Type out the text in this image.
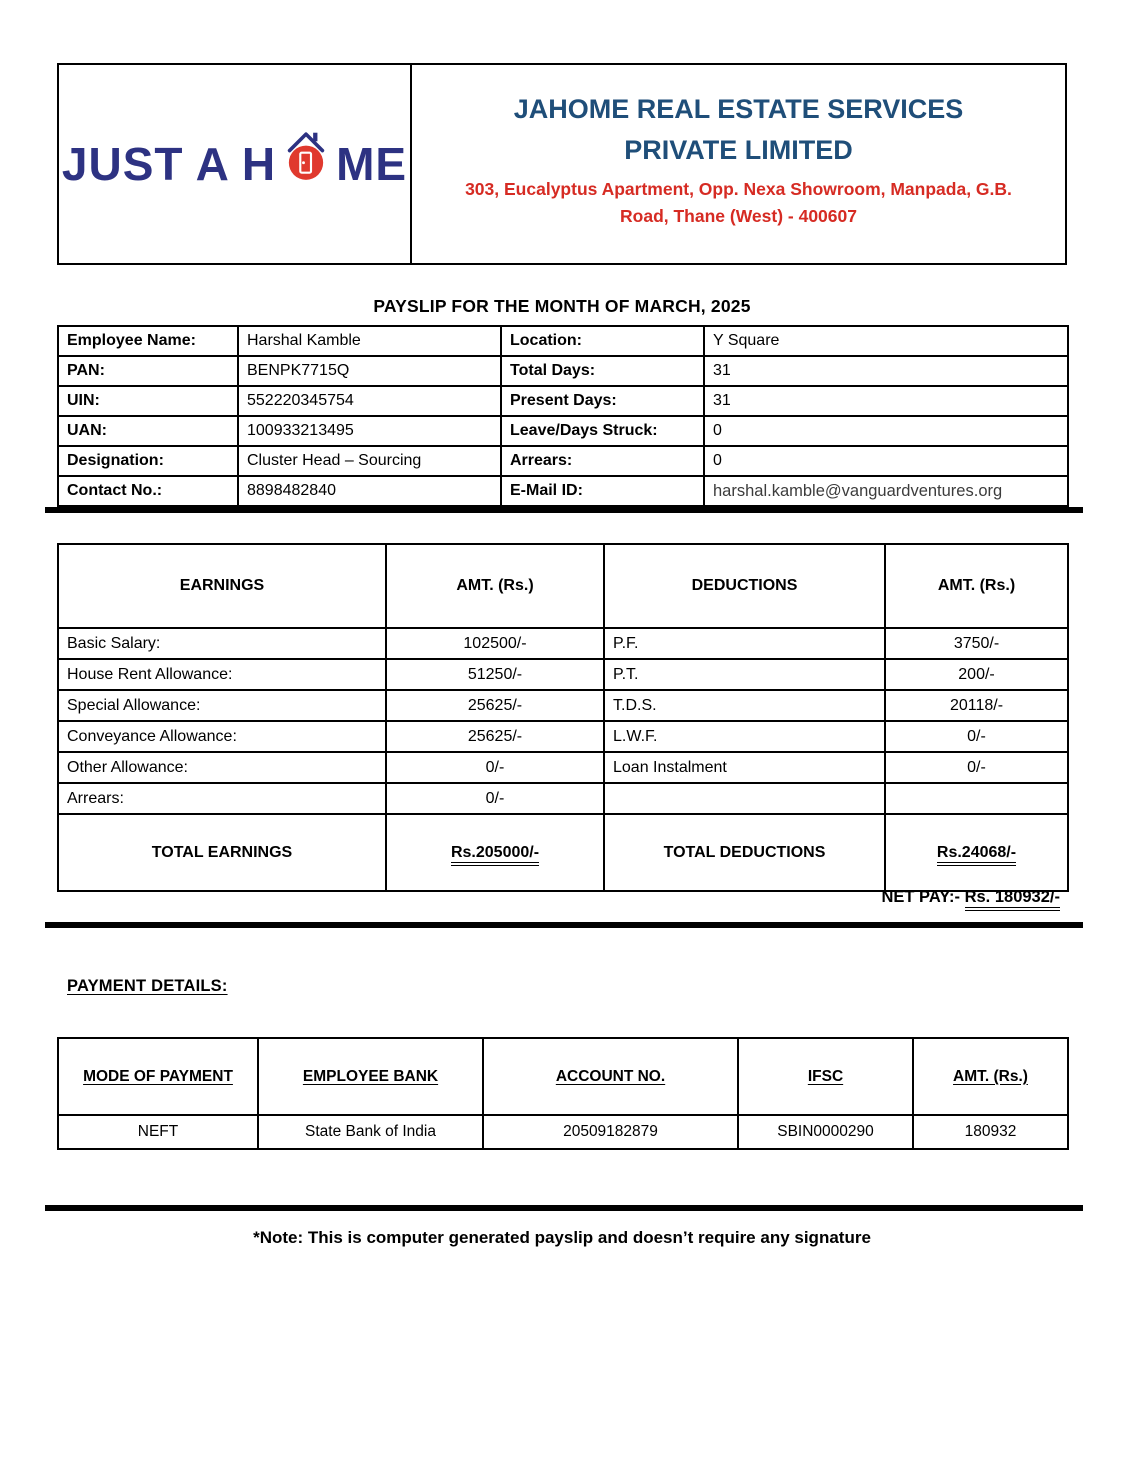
JUST A H ME
JAHOME REAL ESTATE SERVICES
PRIVATE LIMITED
303, Eucalyptus Apartment, Opp. Nexa Showroom, Manpada, G.B.
Road, Thane (West) - 400607
PAYSLIP FOR THE MONTH OF MARCH, 2025
Employee Name:	Harshal Kamble	Location:	Y Square
PAN:	BENPK7715Q	Total Days:	31
UIN:	552220345754	Present Days:	31
UAN:	100933213495	Leave/Days Struck:	0
Designation:	Cluster Head – Sourcing	Arrears:	0
Contact No.:	8898482840	E-Mail ID:	harshal.kamble@vanguardventures.org
EARNINGS	AMT. (Rs.)	DEDUCTIONS	AMT. (Rs.)
Basic Salary:	102500/-	P.F.	3750/-
House Rent Allowance:	51250/-	P.T.	200/-
Special Allowance:	25625/-	T.D.S.	20118/-
Conveyance Allowance:	25625/-	L.W.F.	0/-
Other Allowance:	0/-	Loan Instalment	0/-
Arrears:	0/-		
TOTAL EARNINGS	Rs.205000/-	TOTAL DEDUCTIONS	Rs.24068/-
NET PAY:- Rs. 180932/-
PAYMENT DETAILS:
MODE OF PAYMENT	EMPLOYEE BANK	ACCOUNT NO.	IFSC	AMT. (Rs.)
NEFT	State Bank of India	20509182879	SBIN0000290	180932
*Note: This is computer generated payslip and doesn’t require any signature
